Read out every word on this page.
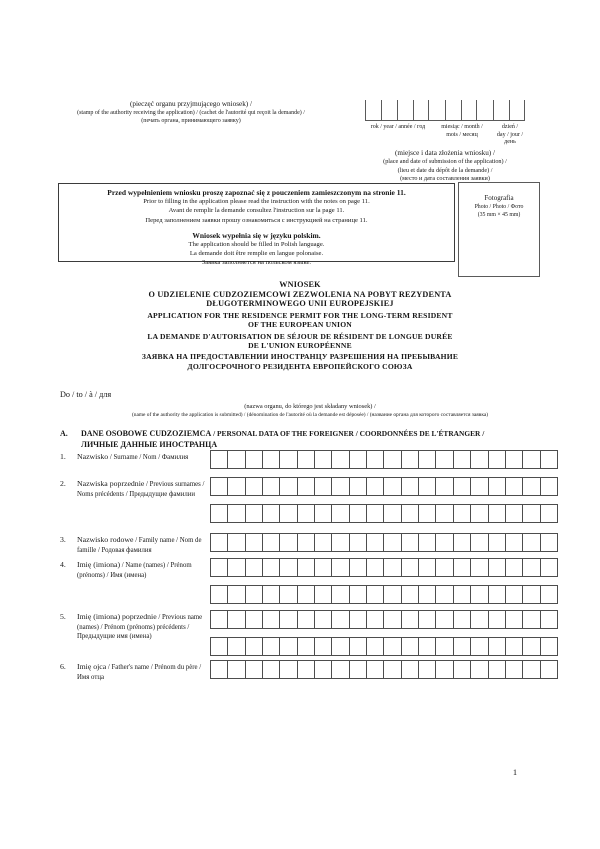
(pieczęć organu przyjmującego wniosek) /
(stamp of the authority receiving the application) / (cachet de l'autorité qui reçoit la demande) /
(печать органа, принимающего заявку)
rok / year / année / год	miesiąc / month /
mois / месяц
dzień /
day / jour /
день
(miejsce i data złożenia wniosku) /
(place and date of submission of the application) /
(lieu et date du dépôt de la demande) /
(место и дата составления заявки)
Przed wypełnieniem wniosku proszę zapoznać się z pouczeniem zamieszczonym na stronie 11.
Prior to filling in the application please read the instruction with the notes on page 11.
Avant de remplir la demande consultez l'instruction sur la page 11.
Перед заполнением заявки прошу ознакомиться с инструкцией на странице 11.
Wniosek wypełnia się w języku polskim.
The application should be filled in Polish language.
La demande doit être remplie en langue polonaise.
Заявка заполняется на польском языке.
Fotografia
Photo / Photo / Фото
(35 mm × 45 mm)
WNIOSEK
O UDZIELENIE CUDZOZIEMCOWI ZEZWOLENIA NA POBYT REZYDENTA
DŁUGOTERMINOWEGO UNII EUROPEJSKIEJ
APPLICATION FOR THE RESIDENCE PERMIT FOR THE LONG-TERM RESIDENT
OF THE EUROPEAN UNION
LA DEMANDE D'AUTORISATION DE SÉJOUR DE RÉSIDENT DE LONGUE DURÉE
DE L'UNION EUROPÉENNE
ЗАЯВКА НА ПРЕДОСТАВЛЕНИИ ИНОСТРАНЦУ РАЗРЕШЕНИЯ НА ПРЕБЫВАНИЕ
ДОЛГОСРОЧНОГО РЕЗИДЕНТА ЕВРОПЕЙСКОГО СОЮЗА
Do / to / à / для
(nazwa organu, do którego jest składany wniosek) /
(name of the authority the application is submitted) / (dénomination de l'autorité où la demande est déposée) / (название органа для которого составляется заявка)
A. DANE OSOBOWE CUDZOZIEMCA / PERSONAL DATA OF THE FOREIGNER / COORDONNÉES DE L'ÉTRANGER /
ЛИЧНЫЕ ДАННЫЕ ИНОСТРАНЦА
1.	Nazwisko / Surname / Nom / Фамилия
2.	Nazwiska poprzednie / Previous surnames / Noms précédents / Предыдущие фамилии
3.	Nazwisko rodowe / Family name / Nom de famille / Родовая фамилия
4.	Imię (imiona) / Name (names) / Prénom (prénoms) / Имя (имена)
5.	Imię (imiona) poprzednie / Previous name (names) / Prénom (prénoms) précédents / Предыдущие имя (имена)
6.	Imię ojca / Father's name / Prénom du père / Имя отца
1
